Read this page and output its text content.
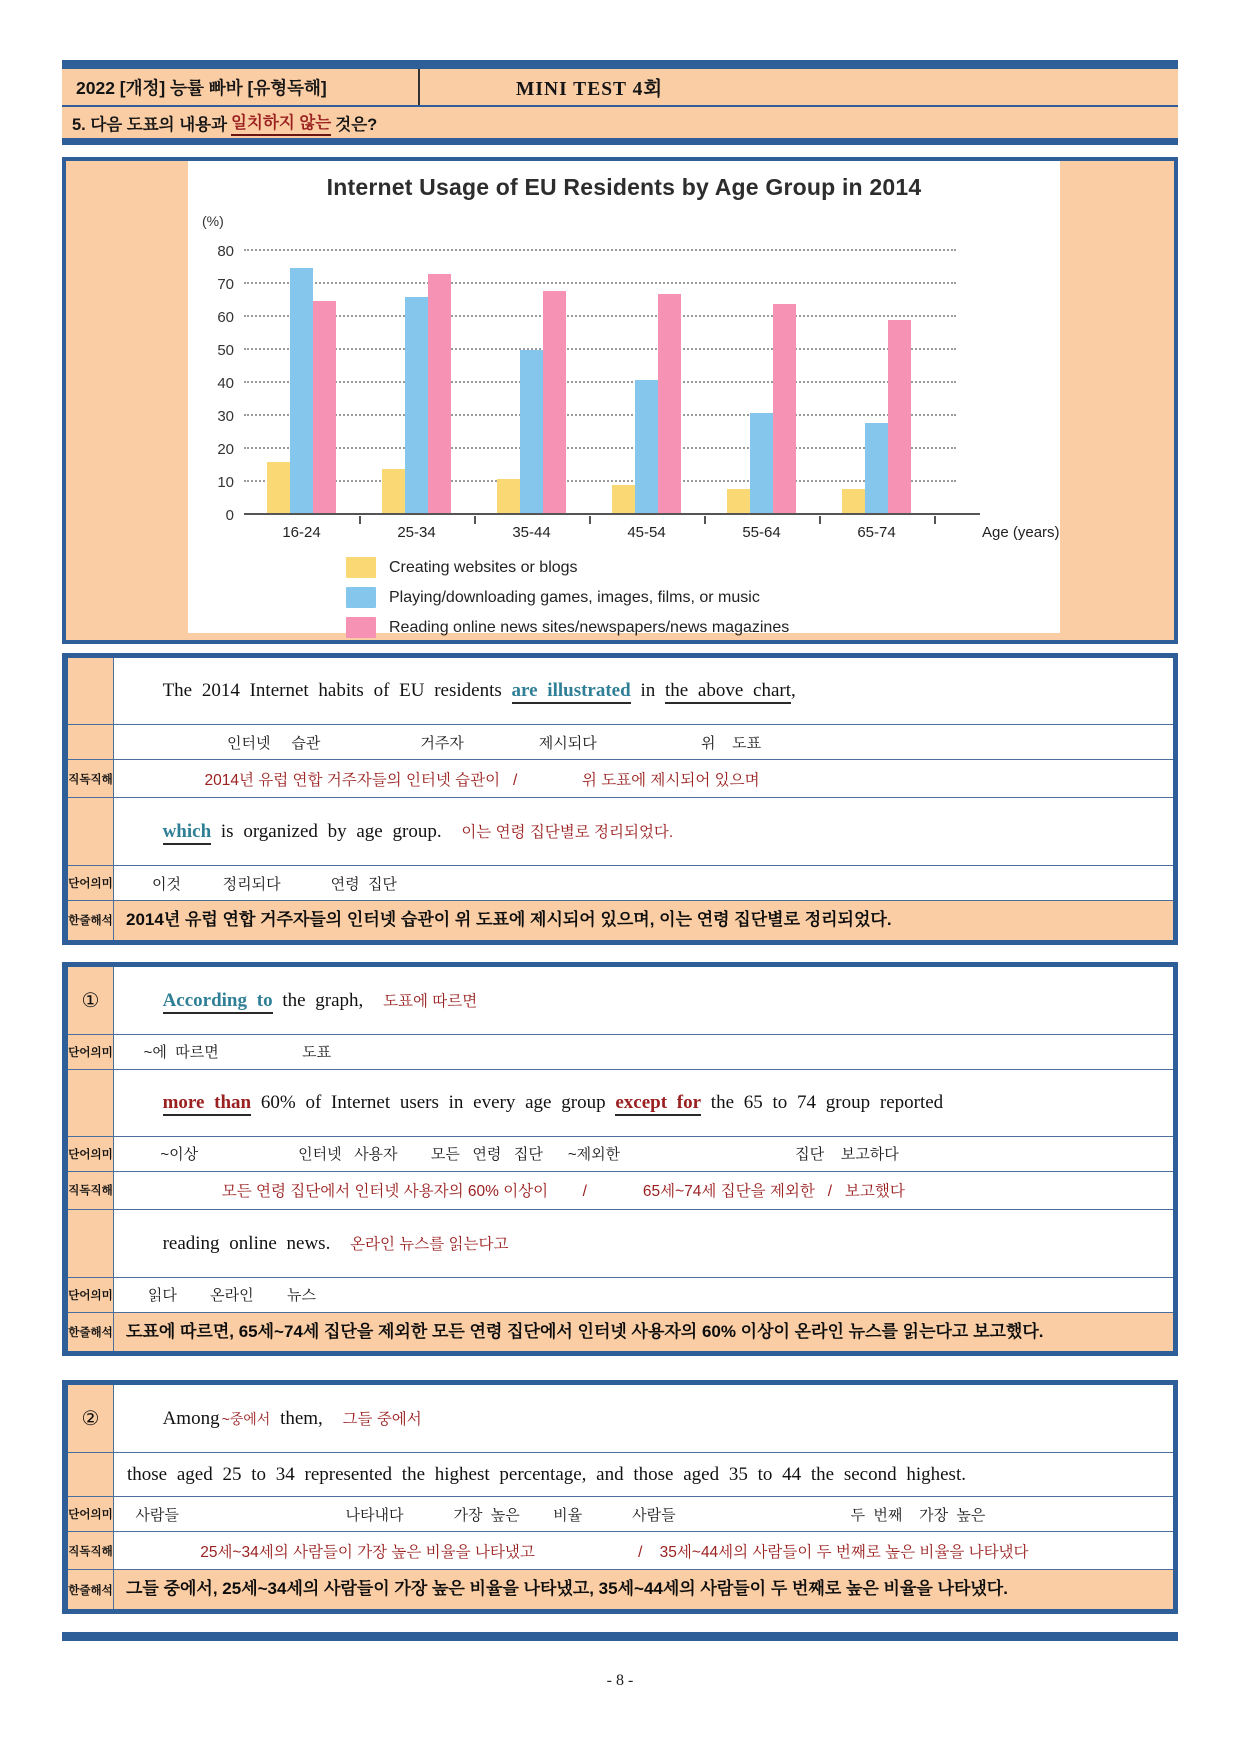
2022 [개정] 능률 빠바 [유형독해]	MINI TEST 4회
5. 다음 도표의 내용과 일치하지 않는 것은?
Internet Usage of EU Residents by Age Group in 2014
(%)
0
10
20
30
40
50
60
70
80
16-24	25-34	35-44	45-54	55-64	65-74	Age (years)
Creating websites or blogs
Playing/downloading games, images, films, or music
Reading online news sites/newspapers/news magazines

The 2014 Internet habits of EU residents are illustrated in the above chart,

인터넷     습관                        거주자                  제시되다                         위    도표
직독직해 2014년 유럽 연합 거주자들의 인터넷 습관이   /               위 도표에 제시되어 있으며

which is organized by age group. 이는 연령 집단별로 정리되었다.

단어의미 이것          정리되다            연령  집단
한줄해석 2014년 유럽 연합 거주자들의 인터넷 습관이 위 도표에 제시되어 있으며, 이는 연령 집단별로 정리되었다.
①	According to the graph, 도표에 따르면

단어의미 ~에  따르면                    도표

more than 60% of Internet users in every age group except for the 65 to 74 group reported

단어의미 ~이상                        인터넷   사용자        모든   연령   집단      ~제외한                                          집단    보고하다
직독직해 모든 연령 집단에서 인터넷 사용자의 60% 이상이        /             65세~74세 집단을 제외한   /   보고했다

reading online news. 온라인 뉴스를 읽는다고

단어의미 읽다        온라인        뉴스
한줄해석 도표에 따르면, 65세~74세 집단을 제외한 모든 연령 집단에서 인터넷 사용자의 60% 이상이 온라인 뉴스를 읽는다고 보고했다.
②	Among ~중에서 them, 그들 중에서

those aged 25 to 34 represented the highest percentage, and those aged 35 to 44 the second highest.
단어의미 사람들                                        나타내다            가장  높은        비율            사람들                                          두  번째    가장  높은
직독직해 25세~34세의 사람들이 가장 높은 비율을 나타냈고                        /    35세~44세의 사람들이 두 번째로 높은 비율을 나타냈다
한줄해석 그들 중에서, 25세~34세의 사람들이 가장 높은 비율을 나타냈고, 35세~44세의 사람들이 두 번째로 높은 비율을 나타냈다.
- 8 -
